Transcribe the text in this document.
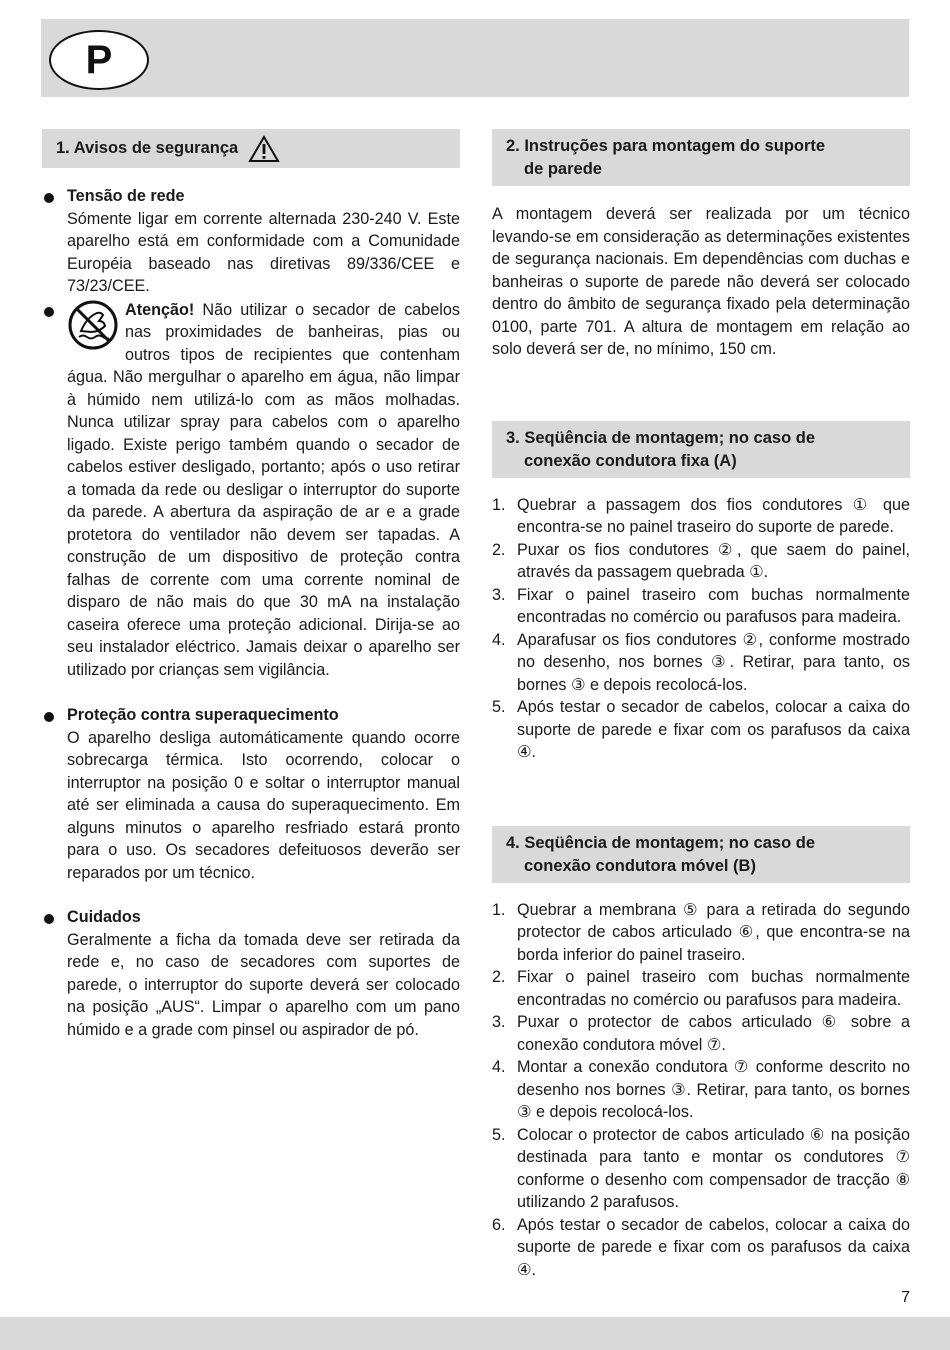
P
1. Avisos de segurança
Tensão de rede
Sómente ligar em corrente alternada 230-240 V. Este aparelho está em conformidade com a Comunidade Européia baseado nas diretivas 89/336/CEE e 73/23/CEE.
Atenção! Não utilizar o secador de cabelos nas proximidades de banheiras, pias ou outros tipos de recipientes que contenham água. Não mergulhar o aparelho em água, não limpar à húmido nem utilizá-lo com as mãos molhadas. Nunca utilizar spray para cabelos com o aparelho ligado. Existe perigo também quando o secador de cabelos estiver desligado, portanto; após o uso retirar a tomada da rede ou desligar o interruptor do suporte da parede. A abertura da aspiração de ar e a grade protetora do ventilador não devem ser tapadas. A construção de um dispositivo de proteção contra falhas de corrente com uma corrente nominal de disparo de não mais do que 30 mA na instalação caseira oferece uma proteção adicional. Dirija-se ao seu instalador eléctrico. Jamais deixar o aparelho ser utilizado por crianças sem vigilância.
Proteção contra superaquecimento
O aparelho desliga automáticamente quando ocorre sobrecarga térmica. Isto ocorrendo, colocar o interruptor na posição 0 e soltar o interruptor manual até ser eliminada a causa do superaquecimento. Em alguns minutos o aparelho resfriado estará pronto para o uso. Os secadores defeituosos deverão ser reparados por um técnico.
Cuidados
Geralmente a ficha da tomada deve ser retirada da rede e, no caso de secadores com suportes de parede, o interruptor do suporte deverá ser colocado na posição „AUS“. Limpar o aparelho com um pano húmido e a grade com pinsel ou aspirador de pó.
2. Instruções para montagem do suporte
de parede
A montagem deverá ser realizada por um técnico levando-se em consideração as determinações existentes de segurança nacionais. Em dependências com duchas e banheiras o suporte de parede não deverá ser colocado dentro do âmbito de segurança fixado pela determinação 0100, parte 701. A altura de montagem em relação ao solo deverá ser de, no mínimo, 150 cm.
3. Seqüência de montagem; no caso de
conexão condutora fixa (A)
1. Quebrar a passagem dos fios condutores ① que encontra-se no painel traseiro do suporte de parede.
2. Puxar os fios condutores ②, que saem do painel, através da passagem quebrada ①.
3. Fixar o painel traseiro com buchas normalmente encontradas no comércio ou parafusos para madeira.
4. Aparafusar os fios condutores ②, conforme mostrado no desenho, nos bornes ③. Retirar, para tanto, os bornes ③ e depois recolocá-los.
5. Após testar o secador de cabelos, colocar a caixa do suporte de parede e fixar com os parafusos da caixa ④.
4. Seqüência de montagem; no caso de
conexão condutora móvel (B)
1. Quebrar a membrana ⑤ para a retirada do segundo protector de cabos articulado ⑥, que encontra-se na borda inferior do painel traseiro.
2. Fixar o painel traseiro com buchas normalmente encontradas no comércio ou parafusos para madeira.
3. Puxar o protector de cabos articulado ⑥ sobre a conexão condutora móvel ⑦.
4. Montar a conexão condutora ⑦ conforme descrito no desenho nos bornes ③. Retirar, para tanto, os bornes ③ e depois recolocá-los.
5. Colocar o protector de cabos articulado ⑥ na posição destinada para tanto e montar os condutores ⑦ conforme o desenho com compensador de tracção ⑧ utilizando 2 parafusos.
6. Após testar o secador de cabelos, colocar a caixa do suporte de parede e fixar com os parafusos da caixa ④.
7
